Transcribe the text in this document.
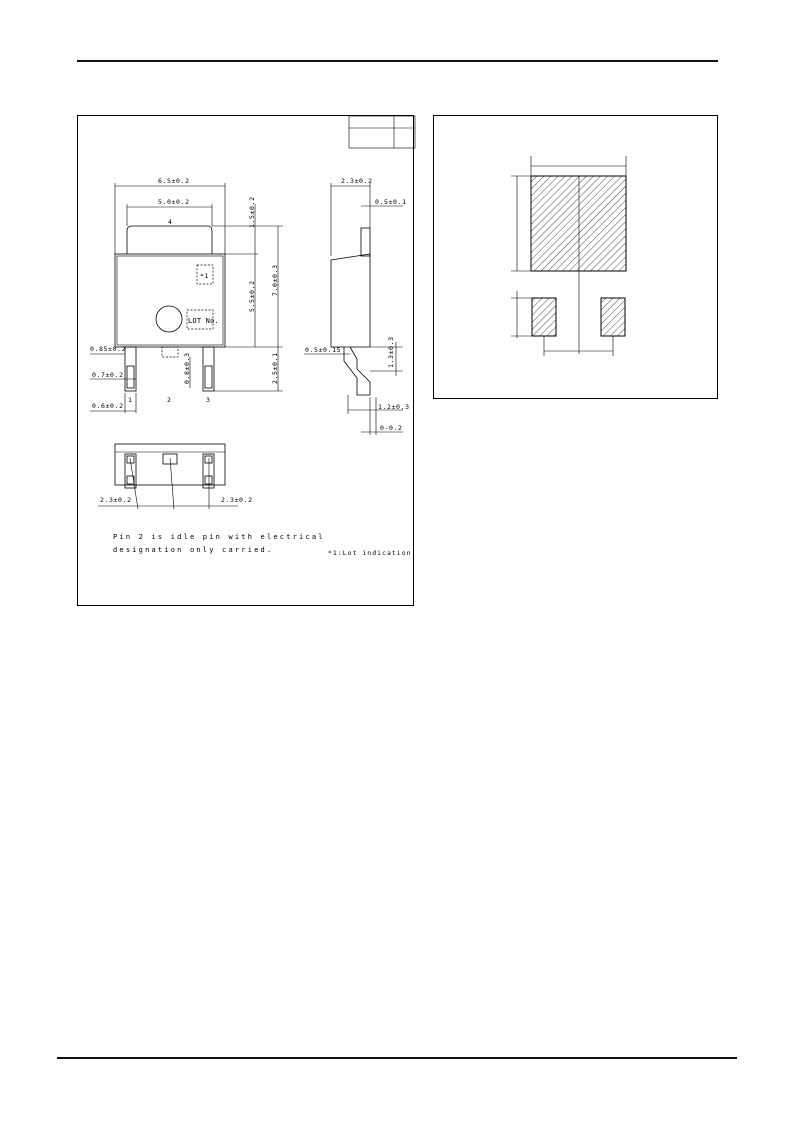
*1
LOT No.
1	2	3
4
6.5±0.2
5.0±0.2	1.5±0.2
5.5±0.2
7.0±0.3
2.5±0.1
0.85±0.2
0.7±0.2
0.6±0.2
0.8±0.3
2.3±0.2
0.5±0.1
0.5±0.15	1.3±0.3
1.2±0.3
0-0.2
2.3±0.2	2.3±0.2
Pin 2 is idle pin with electrical
designation only carried.	*1:Lot indication
